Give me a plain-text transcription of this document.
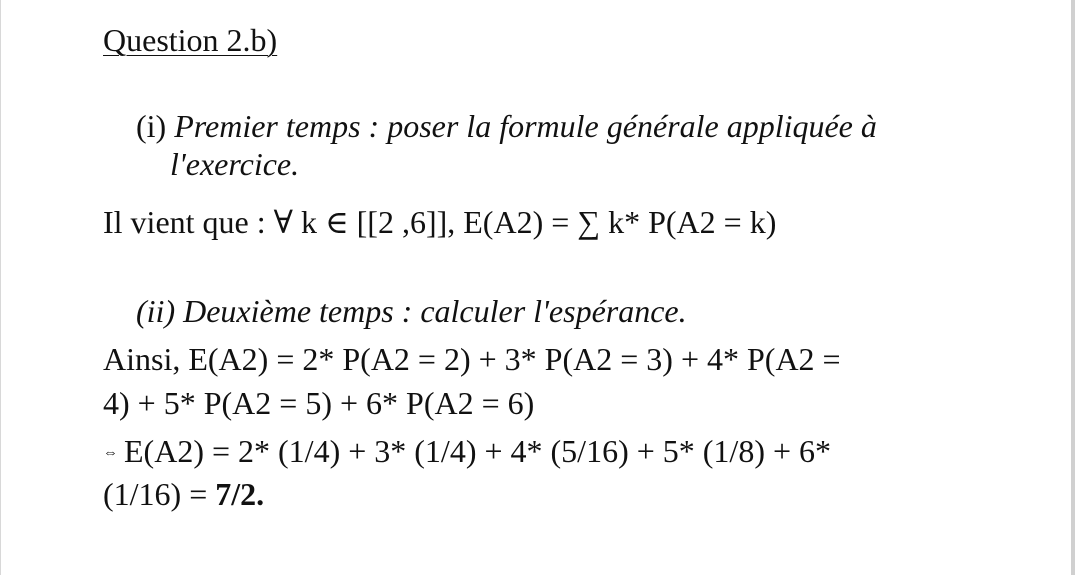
Question 2.b)
(i) Premier temps : poser la formule générale appliquée à
l'exercice.
Il vient que : ∀ k ∈ [[2 ,6]], E(A2) = ∑ k* P(A2 = k)
(ii) Deuxième temps : calculer l'espérance.
Ainsi, E(A2) = 2* P(A2 = 2) + 3* P(A2 = 3) + 4* P(A2 =
4) + 5* P(A2 = 5) + 6* P(A2 = 6)
⇔ E(A2) = 2* (1/4) + 3* (1/4) + 4* (5/16) + 5* (1/8) + 6*
(1/16) = 7/2.
